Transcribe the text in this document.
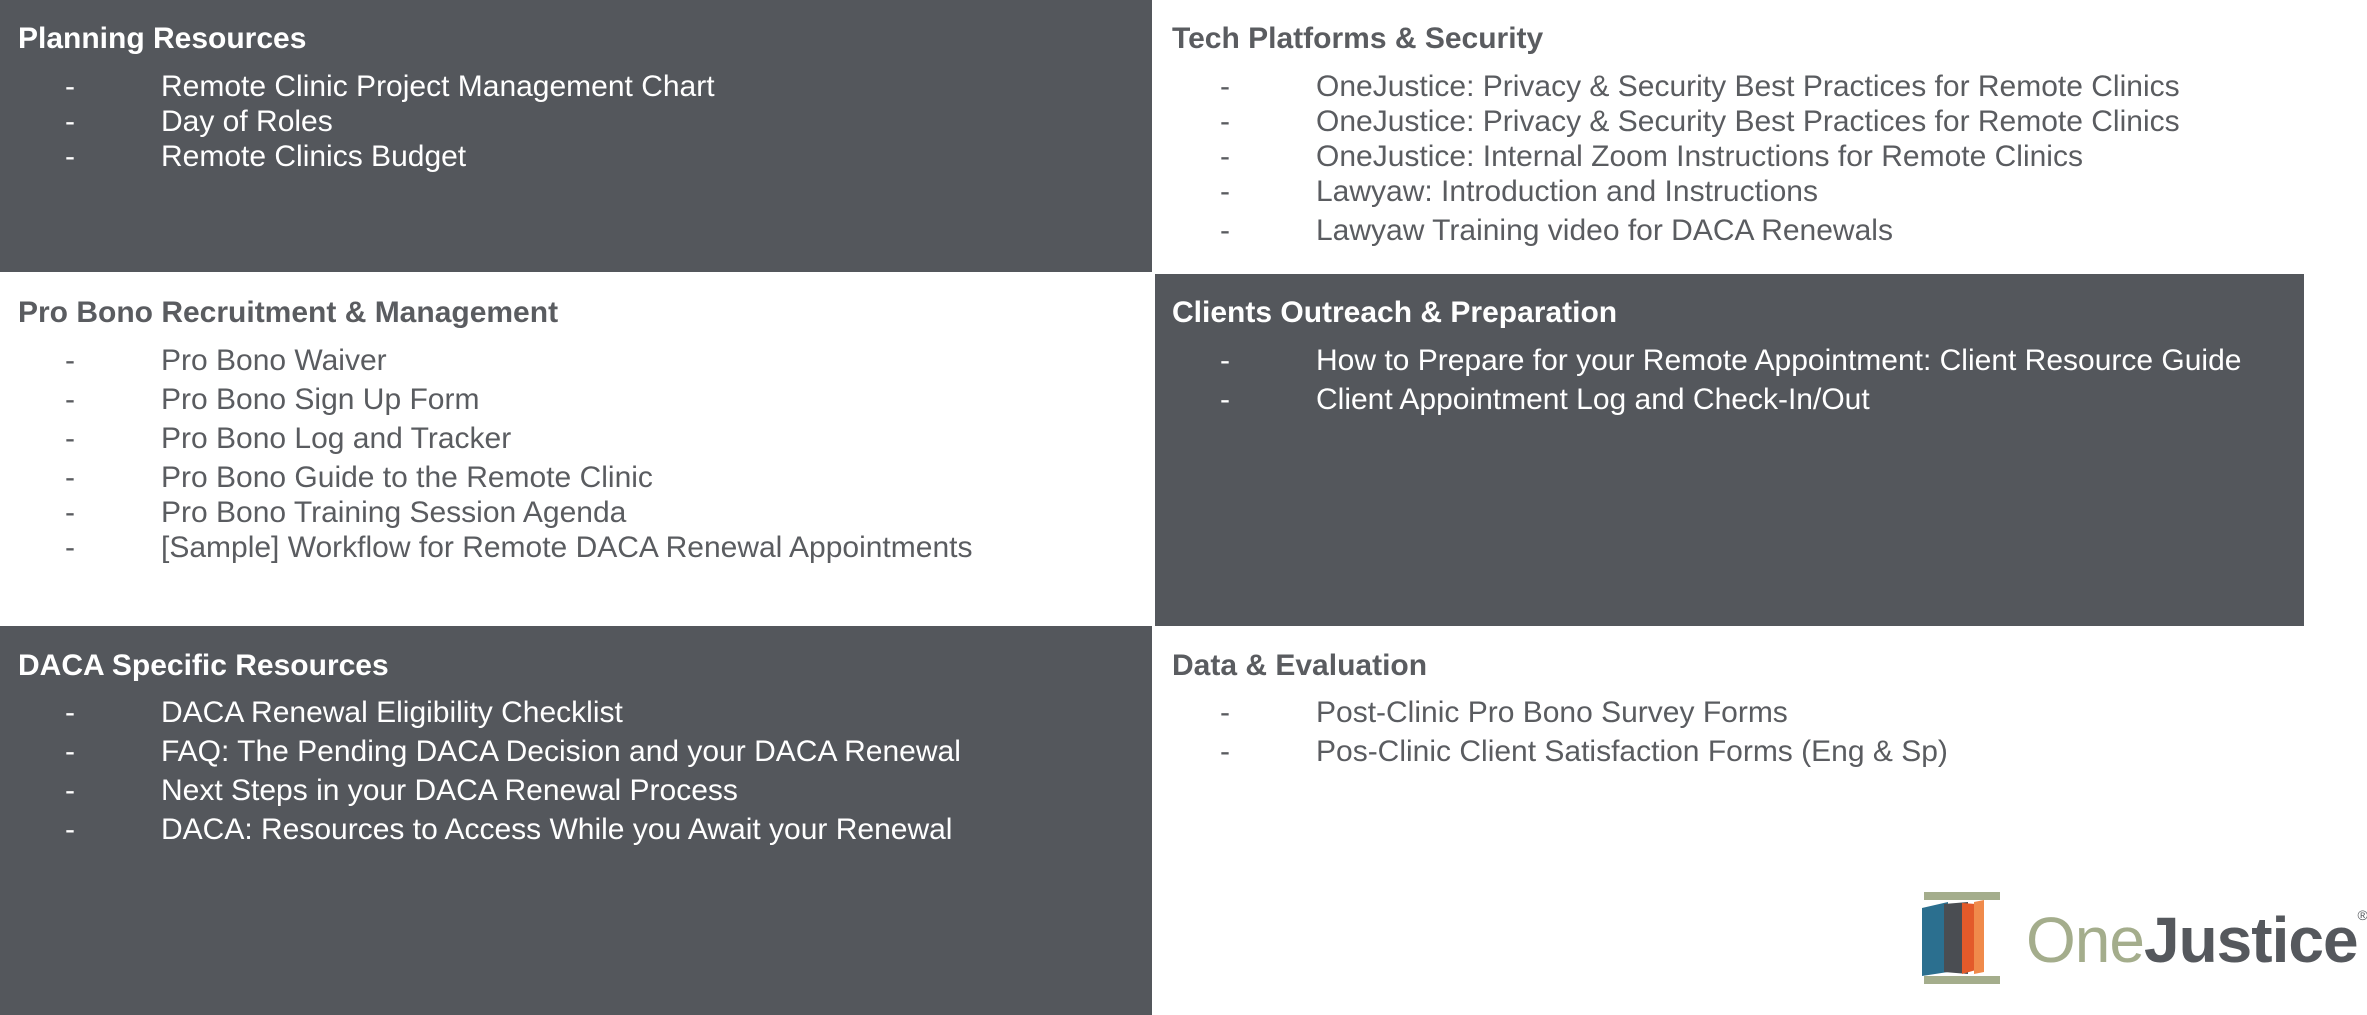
Planning Resources
-	Remote Clinic Project Management Chart
-	Day of Roles
-	Remote Clinics Budget
Tech Platforms & Security
-	OneJustice: Privacy & Security Best Practices for Remote Clinics
-	OneJustice: Privacy & Security Best Practices for Remote Clinics
-	OneJustice: Internal Zoom Instructions for Remote Clinics
-	Lawyaw: Introduction and Instructions
-	Lawyaw Training video for DACA Renewals
Pro Bono Recruitment & Management
-	Pro Bono Waiver
-	Pro Bono Sign Up Form
-	Pro Bono Log and Tracker
-	Pro Bono Guide to the Remote Clinic
-	Pro Bono Training Session Agenda
-	[Sample] Workflow for Remote DACA Renewal Appointments
Clients Outreach & Preparation
-	How to Prepare for your Remote Appointment: Client Resource Guide
-	Client Appointment Log and Check-In/Out
DACA Specific Resources
-	DACA Renewal Eligibility Checklist
-	FAQ: The Pending DACA Decision and your DACA Renewal
-	Next Steps in your DACA Renewal Process
-	DACA: Resources to Access While you Await your Renewal
Data & Evaluation
-	Post-Clinic Pro Bono Survey Forms
-	Pos-Clinic Client Satisfaction Forms (Eng & Sp)
OneJustice®
